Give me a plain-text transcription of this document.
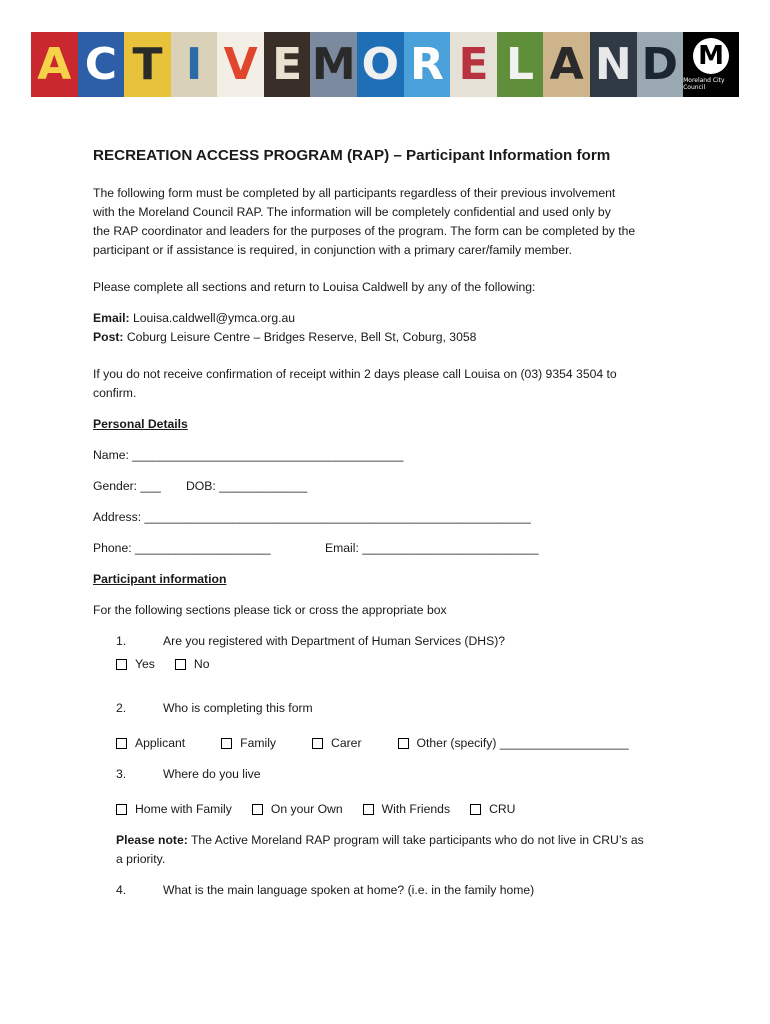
A C T I V E M O R E L A N D M
Moreland City Council
RECREATION ACCESS PROGRAM (RAP) – Participant Information form

The following form must be completed by all participants regardless of their previous involvement

with the Moreland Council RAP. The information will be completely confidential and used only by

the RAP coordinator and leaders for the purposes of the program. The form can be completed by the

participant or if assistance is required, in conjunction with a primary carer/family member.

Please complete all sections and return to Louisa Caldwell by any of the following:

Email: Louisa.caldwell@ymca.org.au

Post: Coburg Leisure Centre – Bridges Reserve, Bell St, Coburg, 3058

If you do not receive confirmation of receipt within 2 days please call Louisa on (03) 9354 3504 to

confirm.

Personal Details

Name: ________________________________________

Gender: ___	DOB: _____________

Address: _________________________________________________________

Phone: ____________________	Email: __________________________

Participant information

For the following sections please tick or cross the appropriate box

1.	Are you registered with Department of Human Services (DHS)?
Yes	No
2.	Who is completing this form
Applicant	Family	Carer	Other (specify) ___________________
3.	Where do you live
Home with Family	On your Own	With Friends	CRU

Please note: The Active Moreland RAP program will take participants who do not live in CRU’s as

a priority.

4.	What is the main language spoken at home? (i.e. in the family home)
